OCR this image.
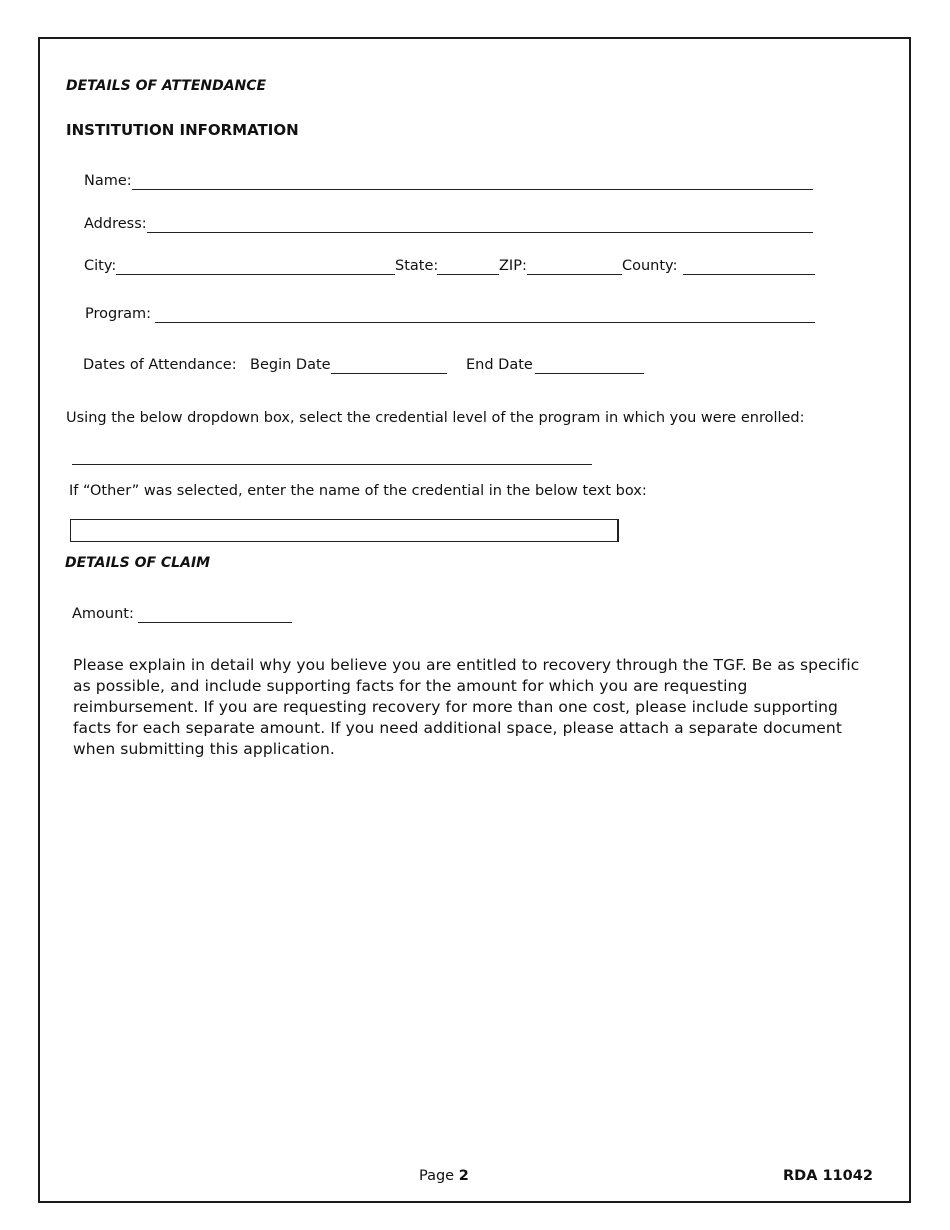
DETAILS OF ATTENDANCE
INSTITUTION INFORMATION
Name:
Address:
City:	State:	ZIP:	County:
Program:
Dates of Attendance: Begin Date	End Date
Using the below dropdown box, select the credential level of the program in which you were enrolled:
If “Other” was selected, enter the name of the credential in the below text box:
DETAILS OF CLAIM
Amount:
Please explain in detail why you believe you are entitled to recovery through the TGF. Be as specific as possible, and include supporting facts for the amount for which you are requesting reimbursement. If you are requesting recovery for more than one cost, please include supporting facts for each separate amount. If you need additional space, please attach a separate document when submitting this application.
Page 2	RDA 11042
